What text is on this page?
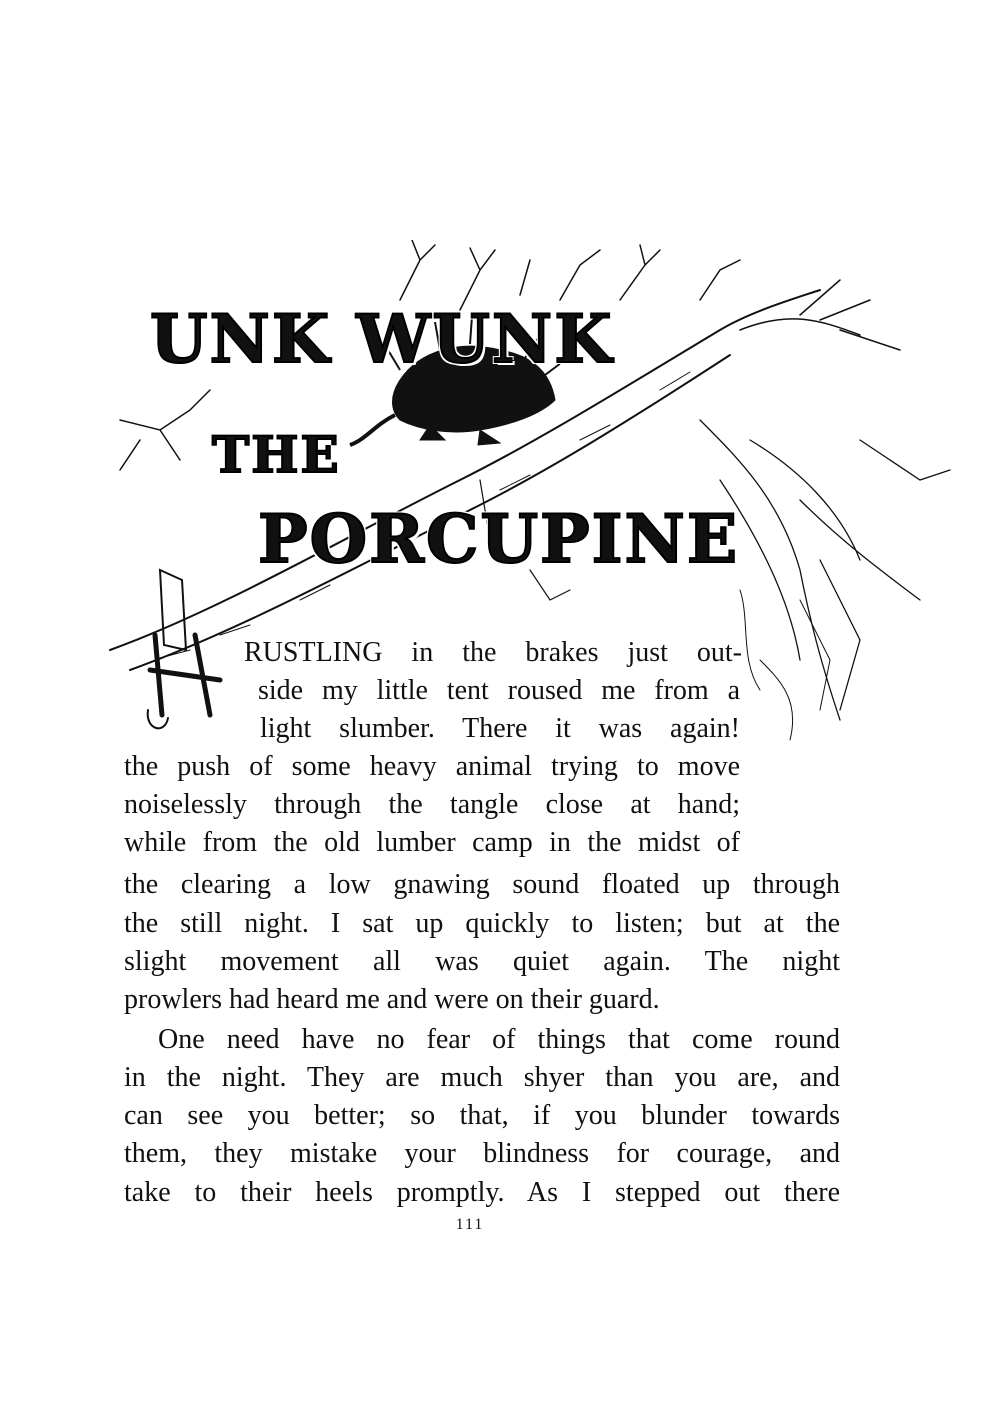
UNK WUNK
THE
PORCUPINE
RUSTLING in the brakes just out-
side my little tent roused me from a
light slumber. There it was again!
the push of some heavy animal trying to move
noiselessly through the tangle close at hand;
while from the old lumber camp in the midst of
the clearing a low gnawing sound floated up through
the still night. I sat up quickly to listen; but at the
slight movement all was quiet again. The night
prowlers had heard me and were on their guard.
One need have no fear of things that come round
in the night. They are much shyer than you are, and
can see you better; so that, if you blunder towards
them, they mistake your blindness for courage, and
take to their heels promptly. As I stepped out there
111
